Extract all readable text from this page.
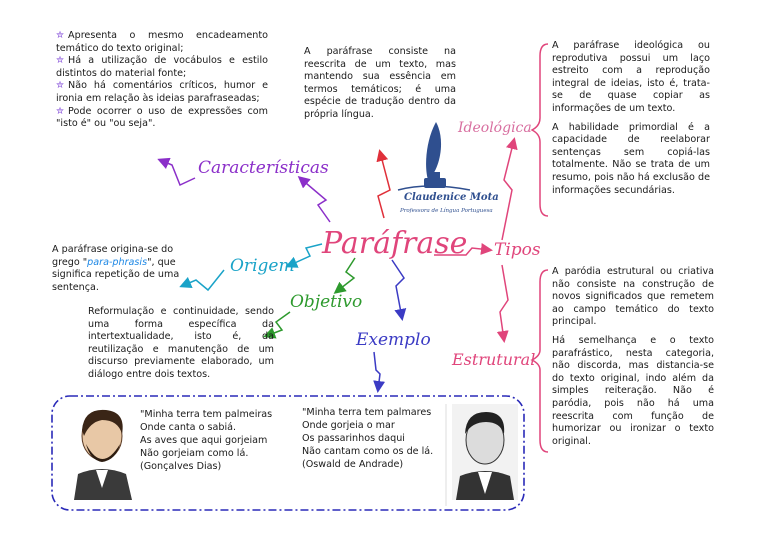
✮ Apresenta o mesmo encadeamento temático do texto original;

✮ Há a utilização de vocábulos e estilo distintos do material fonte;

✮ Não há comentários críticos, humor e ironia em relação às ideias parafraseadas;

✮ Pode ocorrer o uso de expressões com "isto é" ou "ou seja".

A paráfrase consiste na reescrita de um texto, mas mantendo sua essência em termos temáticos; é uma espécie de tradução dentro da própria língua.
Claudenice Mota
Professora de Língua Portuguesa
Características
Paráfrase
Origem
Objetivo
Exemplo
Tipos
Ideológica
Estrutural
A paráfrase origina-se do grego "para-phrasis", que significa repetição de uma sentença.
Reformulação e continuidade, sendo uma forma específica da intertextualidade, isto é, da reutilização e manutenção de um discurso previamente elaborado, um diálogo entre dois textos.

A paráfrase ideológica ou reprodutiva possui um laço estreito com a reprodução integral de ideias, isto é, trata-se de quase copiar as informações de um texto.

A habilidade primordial é a capacidade de reelaborar sentenças sem copiá-las totalmente. Não se trata de um resumo, pois não há exclusão de informações secundárias.

A paródia estrutural ou criativa não consiste na construção de novos significados que remetem ao campo temático do texto principal.

Há semelhança e o texto parafrástico, nesta categoria, não discorda, mas distancia-se do texto original, indo além da simples reiteração. Não é paródia, pois não há uma reescrita com função de humorizar ou ironizar o texto original.

"Minha terra tem palmeiras
Onde canta o sabiá.
As aves que aqui gorjeiam
Não gorjeiam como lá.
(Gonçalves Dias)
"Minha terra tem palmares
Onde gorjeia o mar
Os passarinhos daqui
Não cantam como os de lá.
(Oswald de Andrade)
